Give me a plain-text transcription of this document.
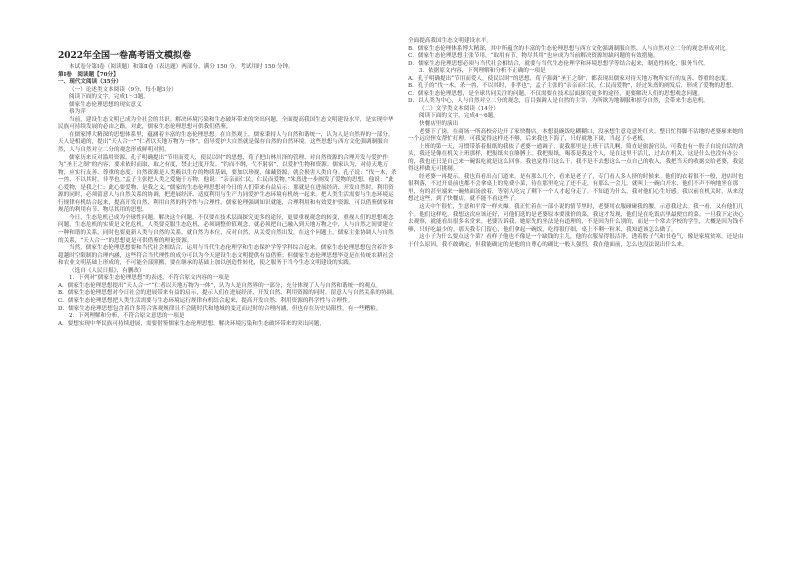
2022年全国一卷高考语文模拟卷
本试卷分第Ⅰ卷（阅读题）和第Ⅱ卷（表达题）两部分。满分 150 分。考试用时 150 分钟。
第Ⅰ卷　阅读题【70分】
一、现代文阅读（35分）
（一）论述类文本阅读（9分，每小题3分）
阅读下面的文字，完成1～3题。
儒家生态伦理思想的现实意义
蔡为萍
当前，建设生态文明已成为全社会的共识。解决环境污染和生态破坏带来的突出问题，全面提高我国生态文明建设水平，是实现中华民族可持续发展的必由之路。对此，儒家生态伦理思想可供我们借鉴。
在儒家博大精深的思想体系里，蕴涵着丰富的生态伦理思想。在自然观上，儒家秉持人与自然和谐统一，认为人是自然界的一部分。天人是相通的，提出“天人合一”“仁者以天地万物为一体”，倡导爱护大自然就是保存自然的自然环境。这些思想与西方文化强调制服自然，人与自然对立二分的观念形成鲜明对照。
儒家历来反对滥用资源。孔子明确提出“节用而爱人，使民以时”的思想，荀子把山林川泽的管理、对自然资源的合理开发与爱护作为“圣王之制”的内容，要求依时而取、取之有度，禁止过度开发。“钓而不纲，弋不射宿”，以爱护生物和资源。儒家认为，对待天地万物，应实行友善、尊重的态度；自然资源是人类赖以生存的物质基础，要加以珍视，储藏资源，就会损害人类自身。孔子说：“伐一木，杀一兽，不以其时，非孝也。”孟子主张把人类之爱施于万物，他说：“亲亲而仁民，仁民而爱物。”朱熹进一步阐发了爱物的思想，他说：“此心爱物，是我之仁；此心要爱物，是我之义。”儒家的生态伦理思想对今日的人们带来有益启示：那就是在进展经济、开发自然时，利用资源的同时，必须留意人与自然关系的协调，把进展经济、适度利用与生产力同爱护生态环境有机统一起来。把人类生活需要与生态环境运行规律有机结合起来，提高开发自然、利用自然的科学性与合理性。儒家伦理强调知识就能，合理利用和有效爱护资源，可以借鉴儒家和规范的利用有节、物尽其用的思想。
今日，生态危机已成为全球性问题。解决这个问题，不仅要在技术层面探究更多的途径，更要重视观念的转变，重视人们的思想观念问题。生态危机的实质是文化危机。人类要克服生态危机，必须调整价值观念，就必须把自己融入到天地万物之中，人与自然之间要建立一种和谐的关系，同时也要更新人类与自然的关系，就自然为本位，反对自然，从关爱自然出发，在这个问题上，儒家主张协调人与自然的关系，“天人合一”的思想更是可供借鉴的理论资源。
当然，儒家生态伦理思想要和当代社会相结合，运用与当代生态伦理学和生态保护学等学科综合起来。儒家生态伦理思想包含着许多超越时空限制的合理内涵，这些符合当代理性的成分可以为今天建设生态文明提供有益借鉴；但儒家生态伦理思想毕竟是在传统农耕社会和农业文明基础上形成的，不可能全部照搬，要在继承的基础上加以创造性转化，使之服务于当今生态文明建设的实践。
（选自《人民日报》，有删改）
1．下列对“儒家生态伦理思想”的表述，不符合原文内容的一项是
A．儒家生态伦理思想提出“天人合一”“仁者以天地万物为一体”，认为人是自然界的一部分，充分体现了人与自然和谐统一的观点。
B．儒家生态伦理思想对今日社会的进展带来有益的启示，提示人们在进展经济、开发自然、利用资源的同时，留意人与自然关系的协调。
C．儒家生态伦理思想把人类生活需要与生态环境运行规律有机结合起来，提高开发自然、利用资源的科学性与合理性。
D．儒家生态伦理思想包含着许多符合客观规律且不会随时代和地域的变迁而过时的合理内涵，但也存在历史局限性，有一些糟粕。
2．下列理解和分析，不符合原文意思的一项是
A．要想实现中华民族可持续进展，需要借鉴儒家生态伦理思想，解决环境污染和生态破坏带来的突出问题，
全面提高我国生态文明建设水平。
B．儒家生态伦理体系博大精深，其中所蕴含的丰富的生态伦理思想与西方文化强调制服自然、人与自然对立二分的观念形成对比。
C．儒家生态伦理思想主张节用，“取用有节，物尽其用”也应成为当前解决资源短缺问题的有效措施。
D．儒家生态伦理思想必须与当代社会相结合，就要与当代生态伦理学和环境思想学等结合起来，制造性转化，服务当代。
3．依据原文内容，下列理解和分析不正确的一项是
A．孔子明确提出“节用而爱人，使民以时”的思想，荀子强调“圣王之制”，都表现出儒家对待天地万物所实行的友善、尊重的态度。
B．孔子的“伐一木，杀一兽，不以其时，非孝也”，孟子主张的“亲亲而仁民，仁民而爱物”，经过朱熹的阐发后，形成了爱物的思想。
C．儒家生态伦理思想，是全球共同关注的问题，不仅需要在技术层面探究更多的途径，更要解决人们的思想观念问题。
D．以人类为中心，人与自然对立二分的观念，盲目强调人是自然的主宰，为所欲为地制服和掠夺自然，会带来生态危机。
（二）文学类文本阅读（14分）
阅读下面的文字，完成4～6题。
快餐店里的演出
老婆下了岗，在商场一所高校旁边开了家快餐店。本想混碗饭吃糊糊口，没承想生意竟意外红火。整日忙得脚不沾地的老婆雇来她的一个远房侄女帮忙打理。可我觉得这样还不够，后来我也下海了，只好就地下岗，当起了小老板。
上班的第一天，习惯带茶着报纸的我依了老婆一通调子，说我那里是上班干活儿啊，简直是旅游官员。可我也有一股子自说自话的劲头，我还是像在机关上班那样，把报纸夹在胳膊上。我把报纸，喝茶是我这个人，是在这里干活儿，过去在机关，这是什么也没有办公的，我也还只是自己来一碗饭吃就是这么回事。我也觉得只这么干，我不是不去想这么一点自己的收入，我把当天的收据交给老婆，我觉得这样做无可挑剔。
经老婆一再提示，我也真看出点门道来。是有那么几个，看来是老子了，专门看人多人挤的时候来。他们的衣着很不一般，进店时也很利落，不过开桌前也都不会拿桌上的免费小菜，待在那里吃完了还不走，有那么一会儿，就叫上一碗白开水，他们不声不响地坐在那里，有的甚至端来一碗热面汤放着，等别人吃完了剩下一个人才起身走了。不知道为什么，我对他们心生好感。我以前在机关时，从来没想过这些，到了快餐店，就不能不看这些了。
这天中午很忙，生意和平常一样火爆。我正忙着在一部小说的情节里时，老婆用衣服碰碰我的腰，示意我过去。我一看，又有他们几个。他们这样吃，我想这次应该还好，可他们选的是老婆原本要涨价的菜，我这才发现，他们是在吃饭店里最便宜的菜。一旦我下定决心去观察，就能看出很多名堂来。老婆告诉我，她原先的坐法是有道理的，不是因为什么别的，而是一个常去学校的学生，大概是因为钱不够，只好吃最少的。那天我专门留心，他们拿起一碗饭，吃得很仔细，桌上不剩一粒米，我知道该怎么做了。
这小子为什么要点这个菜？看样子他也不像是一个缺钱的主儿，他的衣服显得很洁净，透着股子气和书卷气，像是家境贫寒，还是由于什么原因，我不敢确定，但我能确定的是他的自尊心的确比一般人强烈，我在他面前，怎么也没法说出什么来。
